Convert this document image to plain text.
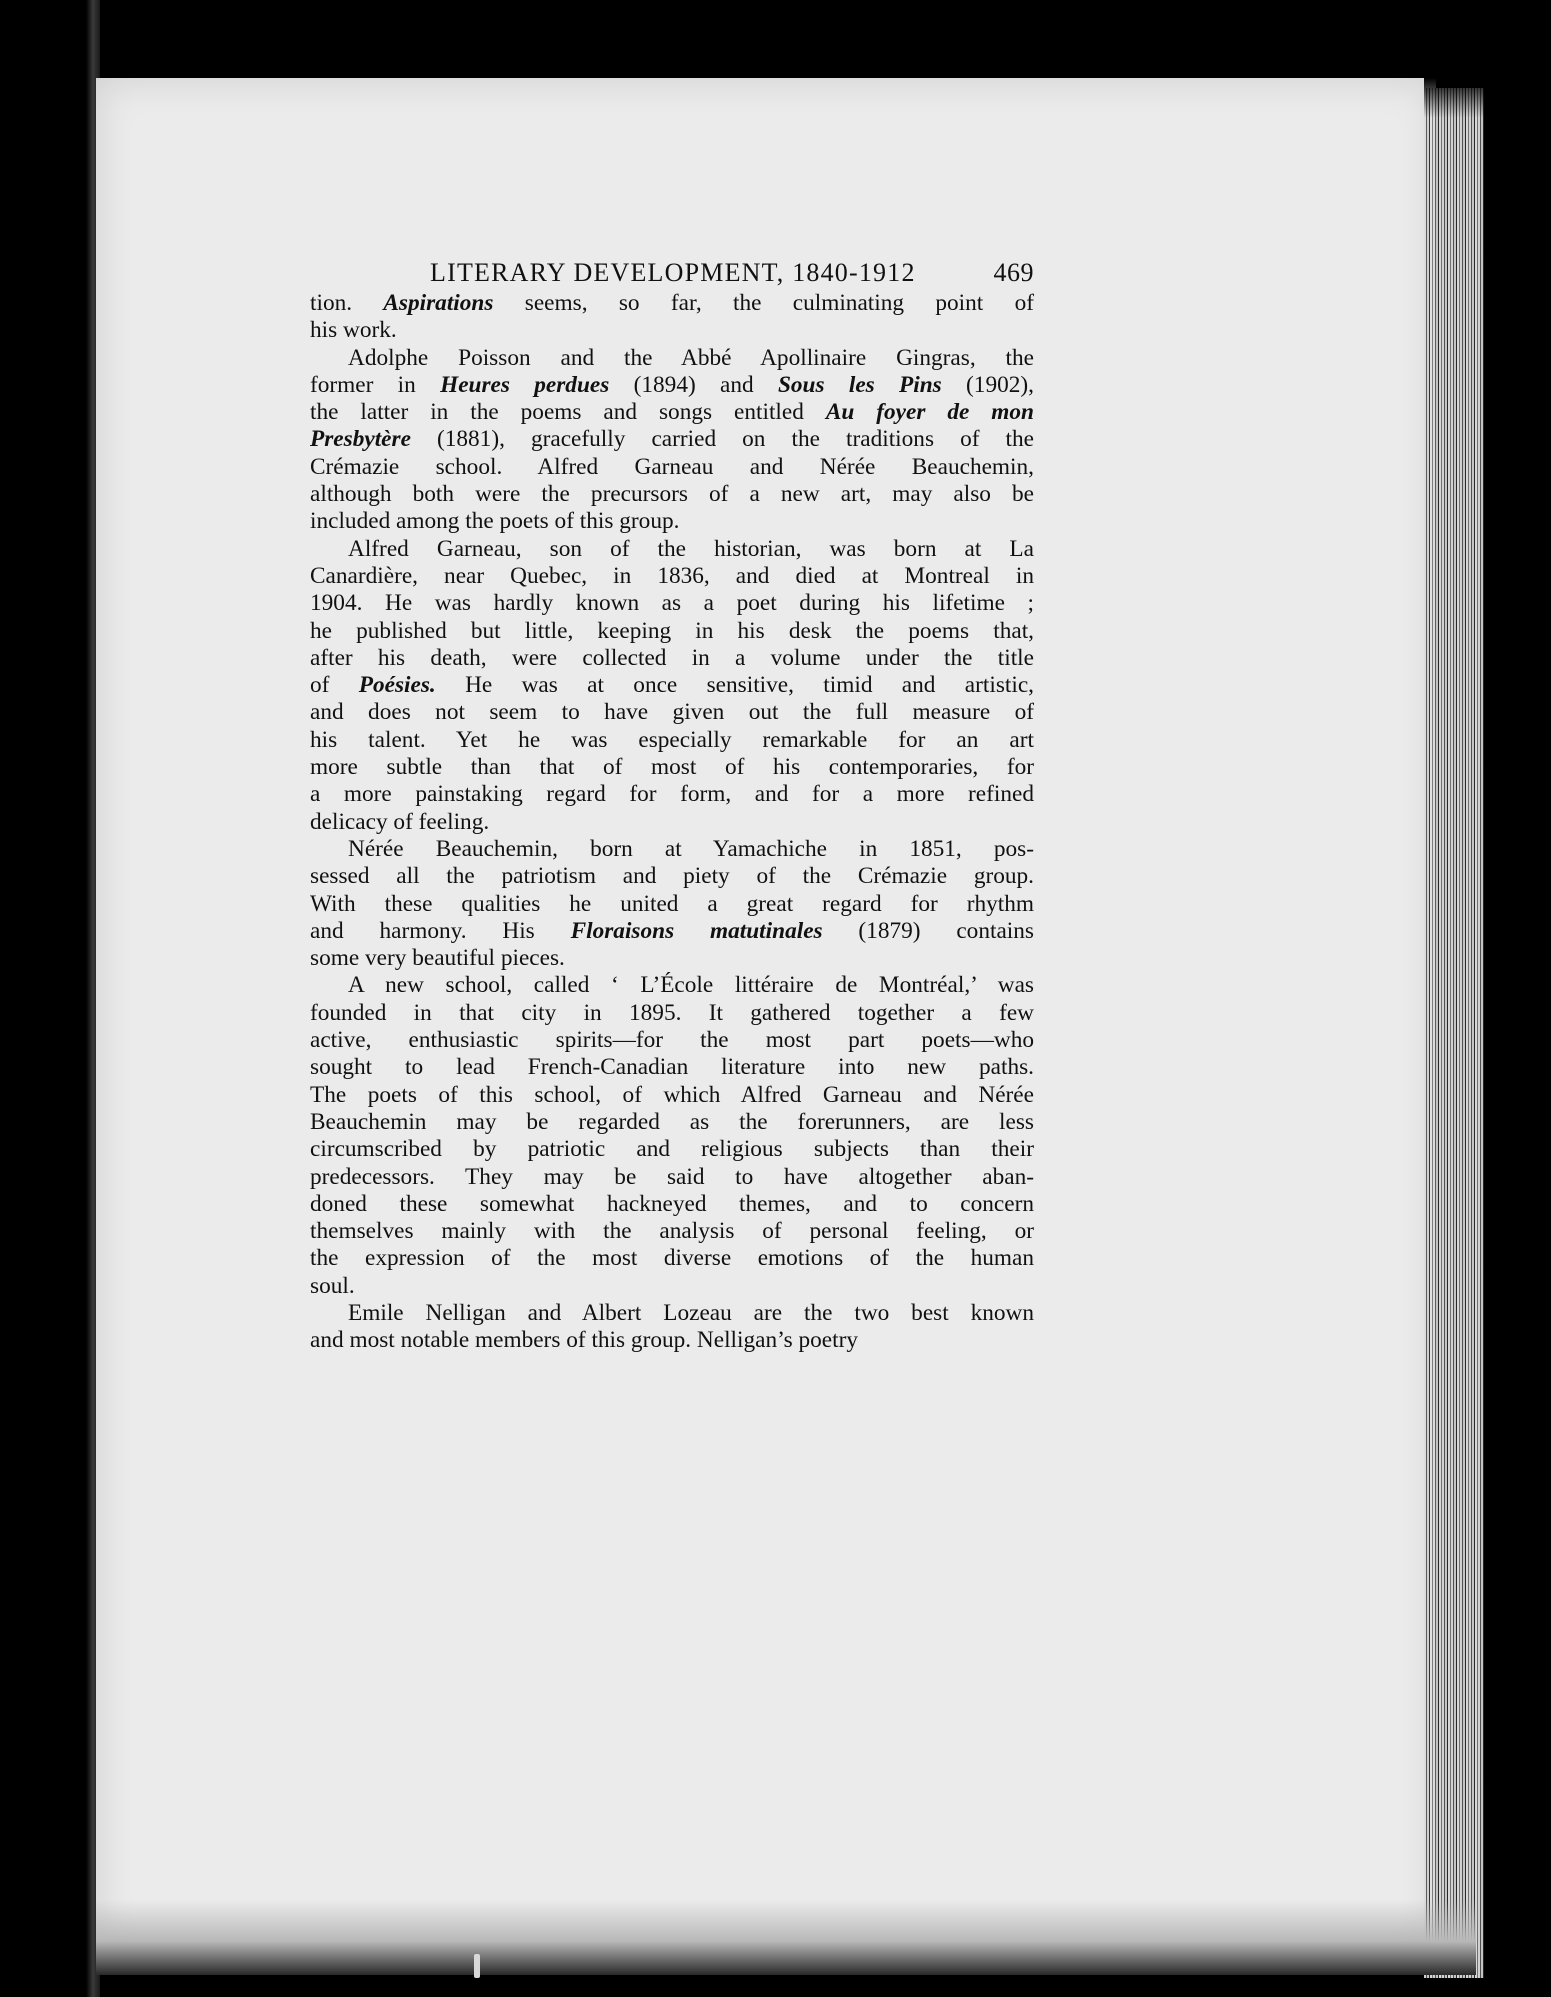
LITERARY DEVELOPMENT, 1840-1912	469
tion. Aspirations seems, so far, the culminating point of
his work.
Adolphe Poisson and the Abbé Apollinaire Gingras, the
former in Heures perdues (1894) and Sous les Pins (1902),
the latter in the poems and songs entitled Au foyer de mon
Presbytère (1881), gracefully carried on the traditions of the
Crémazie school. Alfred Garneau and Nérée Beauchemin,
although both were the precursors of a new art, may also be
included among the poets of this group.
Alfred Garneau, son of the historian, was born at La
Canardière, near Quebec, in 1836, and died at Montreal in
1904. He was hardly known as a poet during his lifetime ;
he published but little, keeping in his desk the poems that,
after his death, were collected in a volume under the title
of Poésies. He was at once sensitive, timid and artistic,
and does not seem to have given out the full measure of
his talent. Yet he was especially remarkable for an art
more subtle than that of most of his contemporaries, for
a more painstaking regard for form, and for a more refined
delicacy of feeling.
Nérée Beauchemin, born at Yamachiche in 1851, pos-
sessed all the patriotism and piety of the Crémazie group.
With these qualities he united a great regard for rhythm
and harmony. His Floraisons matutinales (1879) contains
some very beautiful pieces.
A new school, called ‘ L’École littéraire de Montréal,’ was
founded in that city in 1895. It gathered together a few
active, enthusiastic spirits—for the most part poets—who
sought to lead French-Canadian literature into new paths.
The poets of this school, of which Alfred Garneau and Nérée
Beauchemin may be regarded as the forerunners, are less
circumscribed by patriotic and religious subjects than their
predecessors. They may be said to have altogether aban-
doned these somewhat hackneyed themes, and to concern
themselves mainly with the analysis of personal feeling, or
the expression of the most diverse emotions of the human
soul.
Emile Nelligan and Albert Lozeau are the two best known
and most notable members of this group. Nelligan’s poetry
